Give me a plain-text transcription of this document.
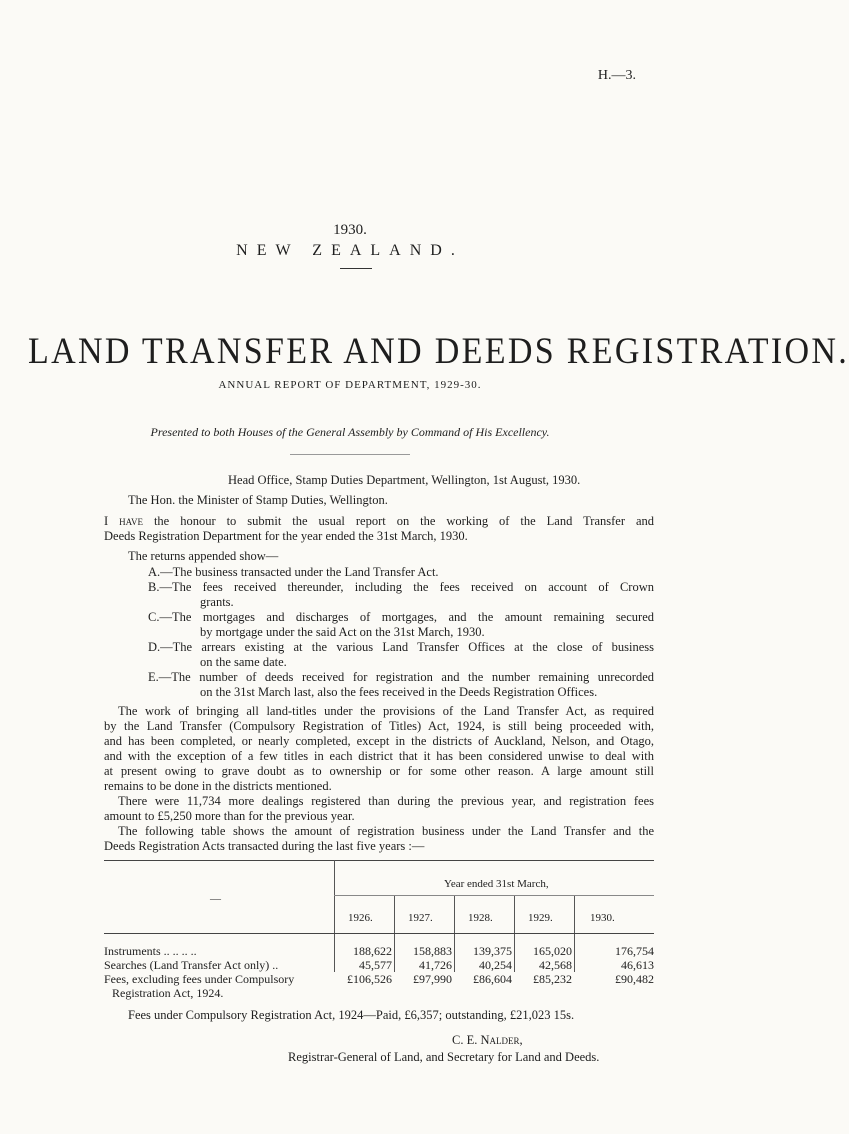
H.—3.
1930.
NEW ZEALAND.
LAND TRANSFER AND DEEDS REGISTRATION.
ANNUAL REPORT OF DEPARTMENT, 1929-30.
Presented to both Houses of the General Assembly by Command of His Excellency.
Head Office, Stamp Duties Department, Wellington, 1st August, 1930.
The Hon. the Minister of Stamp Duties, Wellington.
I have the honour to submit the usual report on the working of the Land Transfer and
Deeds Registration Department for the year ended the 31st March, 1930.
The returns appended show—
A.—The business transacted under the Land Transfer Act.
B.—The fees received thereunder, including the fees received on account of Crown
grants.
C.—The mortgages and discharges of mortgages, and the amount remaining secured
by mortgage under the said Act on the 31st March, 1930.
D.—The arrears existing at the various Land Transfer Offices at the close of business
on the same date.
E.—The number of deeds received for registration and the number remaining unrecorded
on the 31st March last, also the fees received in the Deeds Registration Offices.
The work of bringing all land-titles under the provisions of the Land Transfer Act, as required
by the Land Transfer (Compulsory Registration of Titles) Act, 1924, is still being proceeded with,
and has been completed, or nearly completed, except in the districts of Auckland, Nelson, and Otago,
and with the exception of a few titles in each district that it has been considered unwise to deal with
at present owing to grave doubt as to ownership or for some other reason. A large amount still
remains to be done in the districts mentioned.
There were 11,734 more dealings registered than during the previous year, and registration fees
amount to £5,250 more than for the previous year.
The following table shows the amount of registration business under the Land Transfer and the
Deeds Registration Acts transacted during the last five years :—
Year ended 31st March,
—
1926.	1927.	1928.	1929.	1930.
Instruments .. .. .. ..	188,622	158,883	139,375	165,020	176,754
Searches (Land Transfer Act only) ..	45,577	41,726	40,254	42,568	46,613
Fees, excluding fees under Compulsory
Registration Act, 1924.
£106,526	£97,990	£86,604	£85,232	£90,482
Fees under Compulsory Registration Act, 1924—Paid, £6,357; outstanding, £21,023 15s.
C. E. Nalder,
Registrar-General of Land, and Secretary for Land and Deeds.
